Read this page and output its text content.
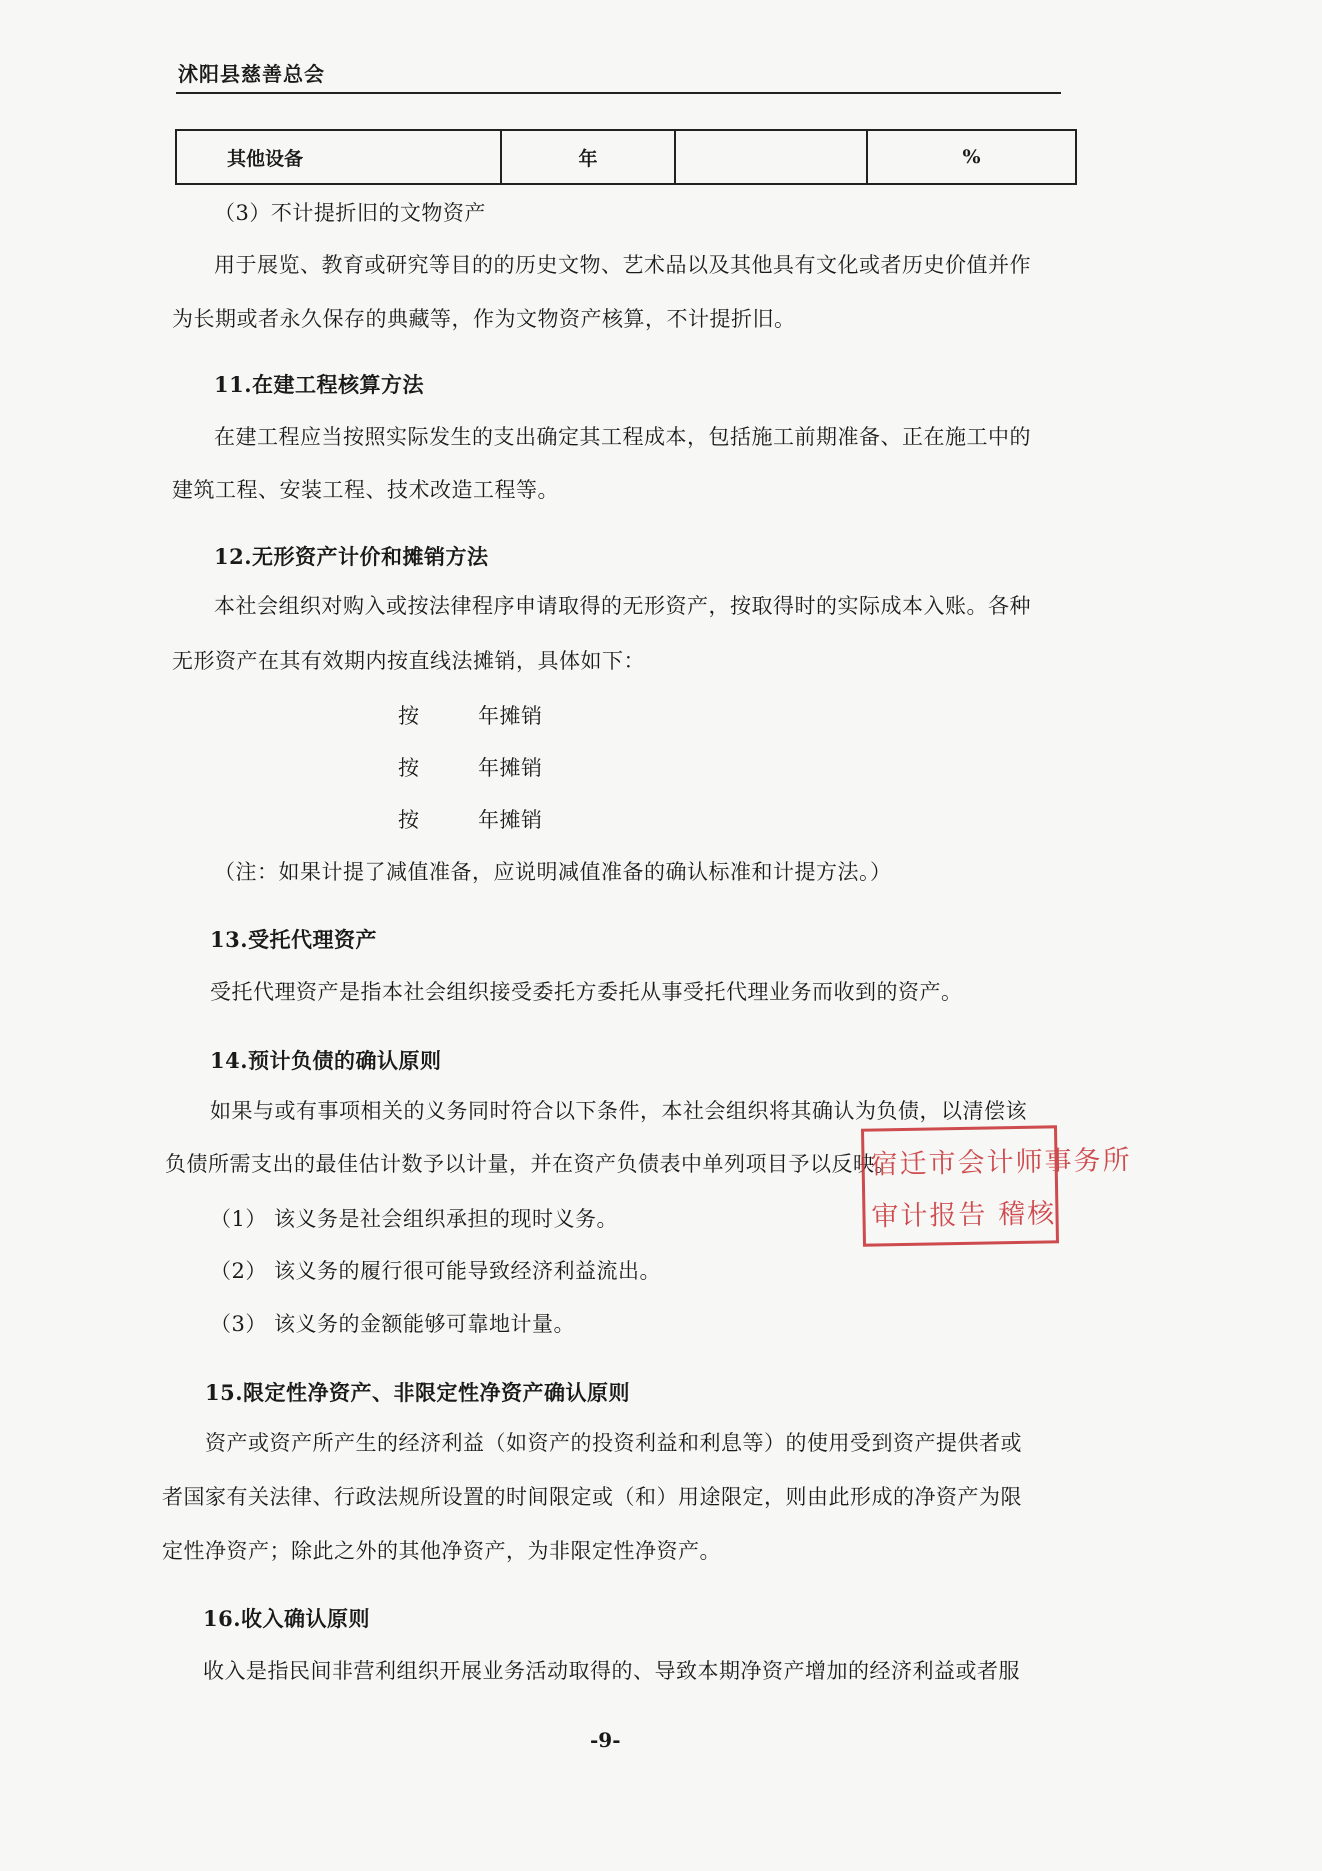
沭阳县慈善总会
其他设备	年		%
（3）不计提折旧的文物资产
用于展览、教育或研究等目的的历史文物、艺术品以及其他具有文化或者历史价值并作
为长期或者永久保存的典藏等，作为文物资产核算，不计提折旧。
11.在建工程核算方法
在建工程应当按照实际发生的支出确定其工程成本，包括施工前期准备、正在施工中的
建筑工程、安装工程、技术改造工程等。
12.无形资产计价和摊销方法
本社会组织对购入或按法律程序申请取得的无形资产，按取得时的实际成本入账。各种
无形资产在其有效期内按直线法摊销，具体如下：
按	年摊销
按	年摊销
按	年摊销
（注：如果计提了减值准备，应说明减值准备的确认标准和计提方法。）
13.受托代理资产
受托代理资产是指本社会组织接受委托方委托从事受托代理业务而收到的资产。
14.预计负债的确认原则
如果与或有事项相关的义务同时符合以下条件，本社会组织将其确认为负债，以清偿该
负债所需支出的最佳估计数予以计量，并在资产负债表中单列项目予以反映。
（1） 该义务是社会组织承担的现时义务。
（2） 该义务的履行很可能导致经济利益流出。
（3） 该义务的金额能够可靠地计量。
15.限定性净资产、非限定性净资产确认原则
资产或资产所产生的经济利益（如资产的投资利益和利息等）的使用受到资产提供者或
者国家有关法律、行政法规所设置的时间限定或（和）用途限定，则由此形成的净资产为限
定性净资产；除此之外的其他净资产，为非限定性净资产。
16.收入确认原则
收入是指民间非营利组织开展业务活动取得的、导致本期净资产增加的经济利益或者服
宿迁市会计师事务所
审计报告 稽核
-9-
